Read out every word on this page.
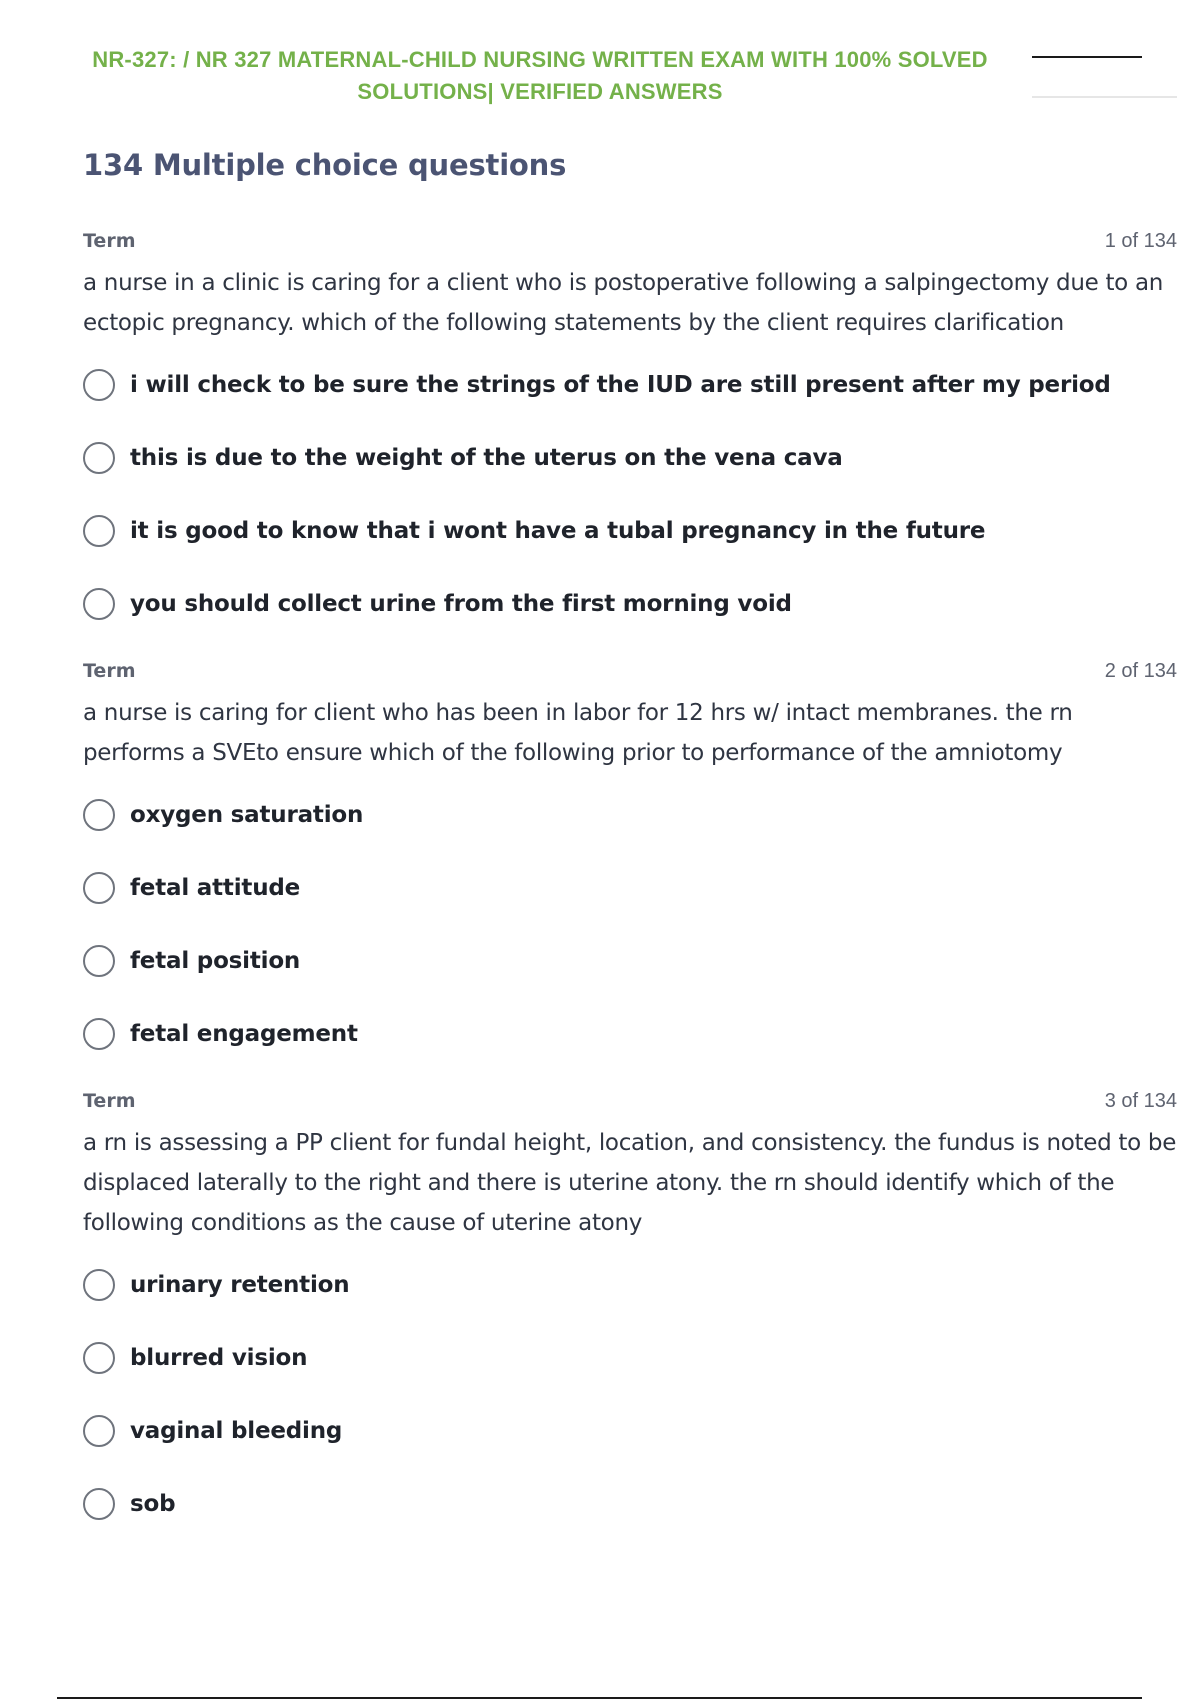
NR-327: / NR 327 MATERNAL-CHILD NURSING WRITTEN EXAM WITH 100% SOLVED
SOLUTIONS| VERIFIED ANSWERS
134 Multiple choice questions
Term	1 of 134
a nurse in a clinic is caring for a client who is postoperative following a salpingectomy due to an ectopic pregnancy. which of the following statements by the client requires clarification
i will check to be sure the strings of the IUD are still present after my period
this is due to the weight of the uterus on the vena cava
it is good to know that i wont have a tubal pregnancy in the future
you should collect urine from the first morning void
Term	2 of 134
a nurse is caring for client who has been in labor for 12 hrs w/ intact membranes. the rn performs a SVEto ensure which of the following prior to performance of the amniotomy
oxygen saturation
fetal attitude
fetal position
fetal engagement
Term	3 of 134
a rn is assessing a PP client for fundal height, location, and consistency. the fundus is noted to be displaced laterally to the right and there is uterine atony. the rn should identify which of the following conditions as the cause of uterine atony
urinary retention
blurred vision
vaginal bleeding
sob
